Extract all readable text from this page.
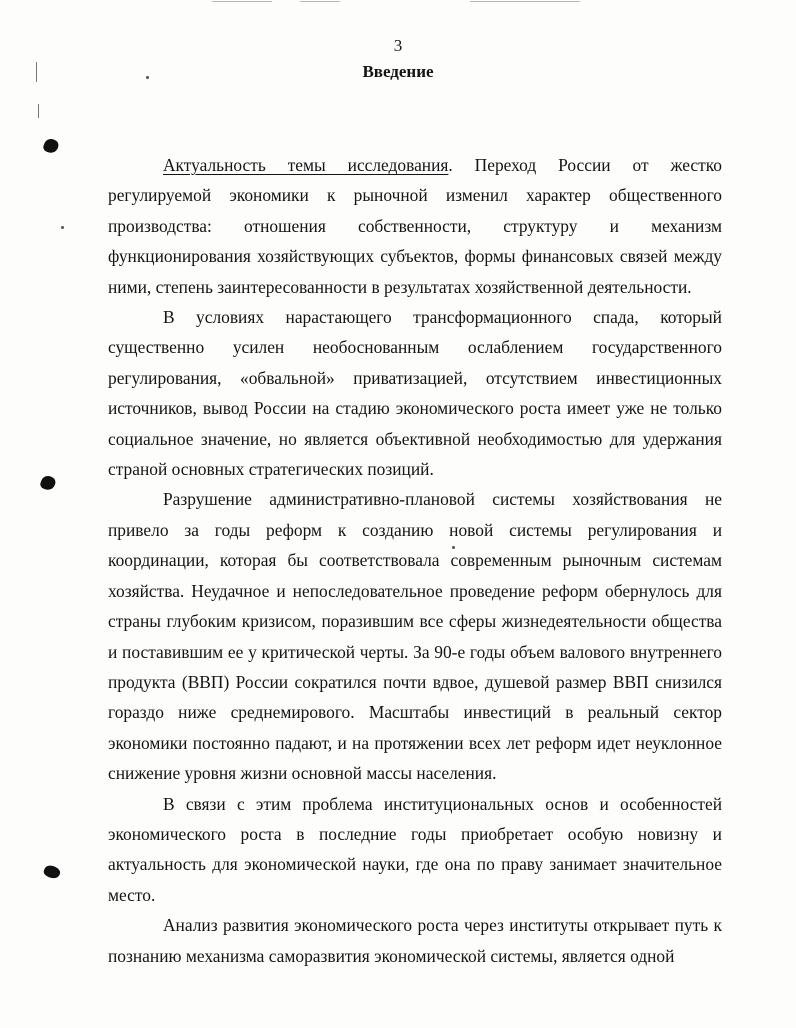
3
Введение

Актуальность темы исследования. Переход России от жестко регулируемой экономики к рыночной изменил характер общественного производства: отношения собственности, структуру и механизм функционирования хозяйствующих субъектов, формы финансовых связей между ними, степень заинтересованности в результатах хозяйственной деятельности.

В условиях нарастающего трансформационного спада, который существенно усилен необоснованным ослаблением государственного регулирования, «обвальной» приватизацией, отсутствием инвестиционных источников, вывод России на стадию экономического роста имеет уже не только социальное значение, но является объективной необходимостью для удержания страной основных стратегических позиций.

Разрушение административно-плановой системы хозяйствования не привело за годы реформ к созданию новой системы регулирования и координации, которая бы соответствовала современным рыночным системам хозяйства. Неудачное и непоследовательное проведение реформ обернулось для страны глубоким кризисом, поразившим все сферы жизнедеятельности общества и поставившим ее у критической черты. За 90-е годы объем валового внутреннего продукта (ВВП) России сократился почти вдвое, душевой размер ВВП снизился гораздо ниже среднемирового. Масштабы инвестиций в реальный сектор экономики постоянно падают, и на протяжении всех лет реформ идет неуклонное снижение уровня жизни основной массы населения.

В связи с этим проблема институциональных основ и особенностей экономического роста в последние годы приобретает особую новизну и актуальность для экономической науки, где она по праву занимает значительное место.

Анализ развития экономического роста через институты открывает путь к познанию механизма саморазвития экономической системы, является одной
